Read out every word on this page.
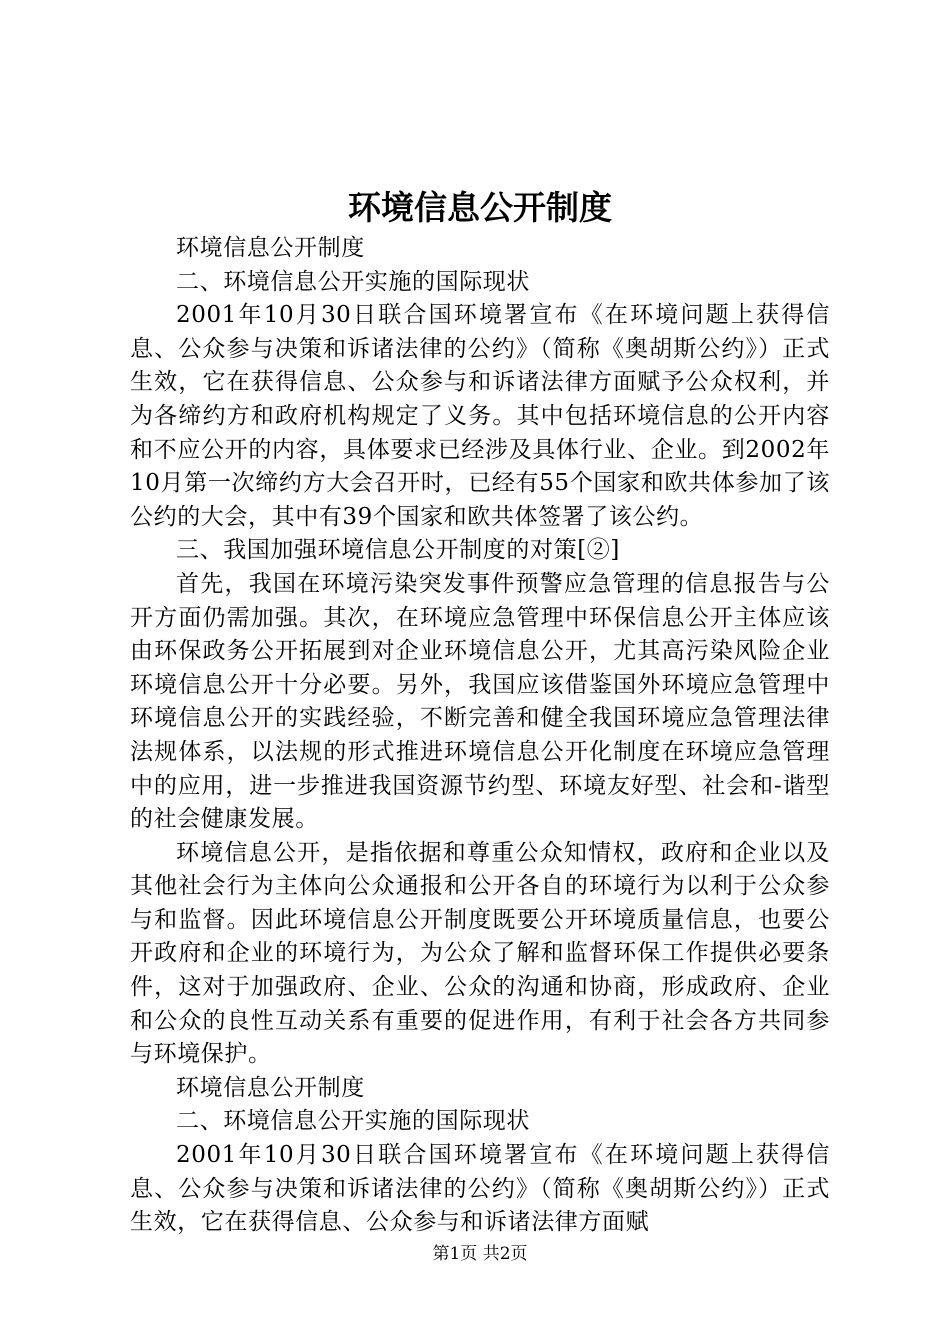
环境信息公开制度

环境信息公开制度

二、环境信息公开实施的国际现状

2001年10月30日联合国环境署宣布《在环境问题上获得信息、公众参与决策和诉诸法律的公约》（简称《奥胡斯公约》）正式生效，它在获得信息、公众参与和诉诸法律方面赋予公众权利，并为各缔约方和政府机构规定了义务。其中包括环境信息的公开内容和不应公开的内容，具体要求已经涉及具体行业、企业。到2002年10月第一次缔约方大会召开时，已经有55个国家和欧共体参加了该公约的大会，其中有39个国家和欧共体签署了该公约。

三、我国加强环境信息公开制度的对策[②]

首先，我国在环境污染突发事件预警应急管理的信息报告与公开方面仍需加强。其次，在环境应急管理中环保信息公开主体应该由环保政务公开拓展到对企业环境信息公开，尤其高污染风险企业环境信息公开十分必要。另外，我国应该借鉴国外环境应急管理中环境信息公开的实践经验，不断完善和健全我国环境应急管理法律法规体系，以法规的形式推进环境信息公开化制度在环境应急管理中的应用，进一步推进我国资源节约型、环境友好型、社会和-谐型的社会健康发展。

环境信息公开，是指依据和尊重公众知情权，政府和企业以及其他社会行为主体向公众通报和公开各自的环境行为以利于公众参与和监督。因此环境信息公开制度既要公开环境质量信息，也要公开政府和企业的环境行为，为公众了解和监督环保工作提供必要条件，这对于加强政府、企业、公众的沟通和协商，形成政府、企业和公众的良性互动关系有重要的促进作用，有利于社会各方共同参与环境保护。

环境信息公开制度

二、环境信息公开实施的国际现状

2001年10月30日联合国环境署宣布《在环境问题上获得信息、公众参与决策和诉诸法律的公约》（简称《奥胡斯公约》）正式生效，它在获得信息、公众参与和诉诸法律方面赋

第1页 共2页
